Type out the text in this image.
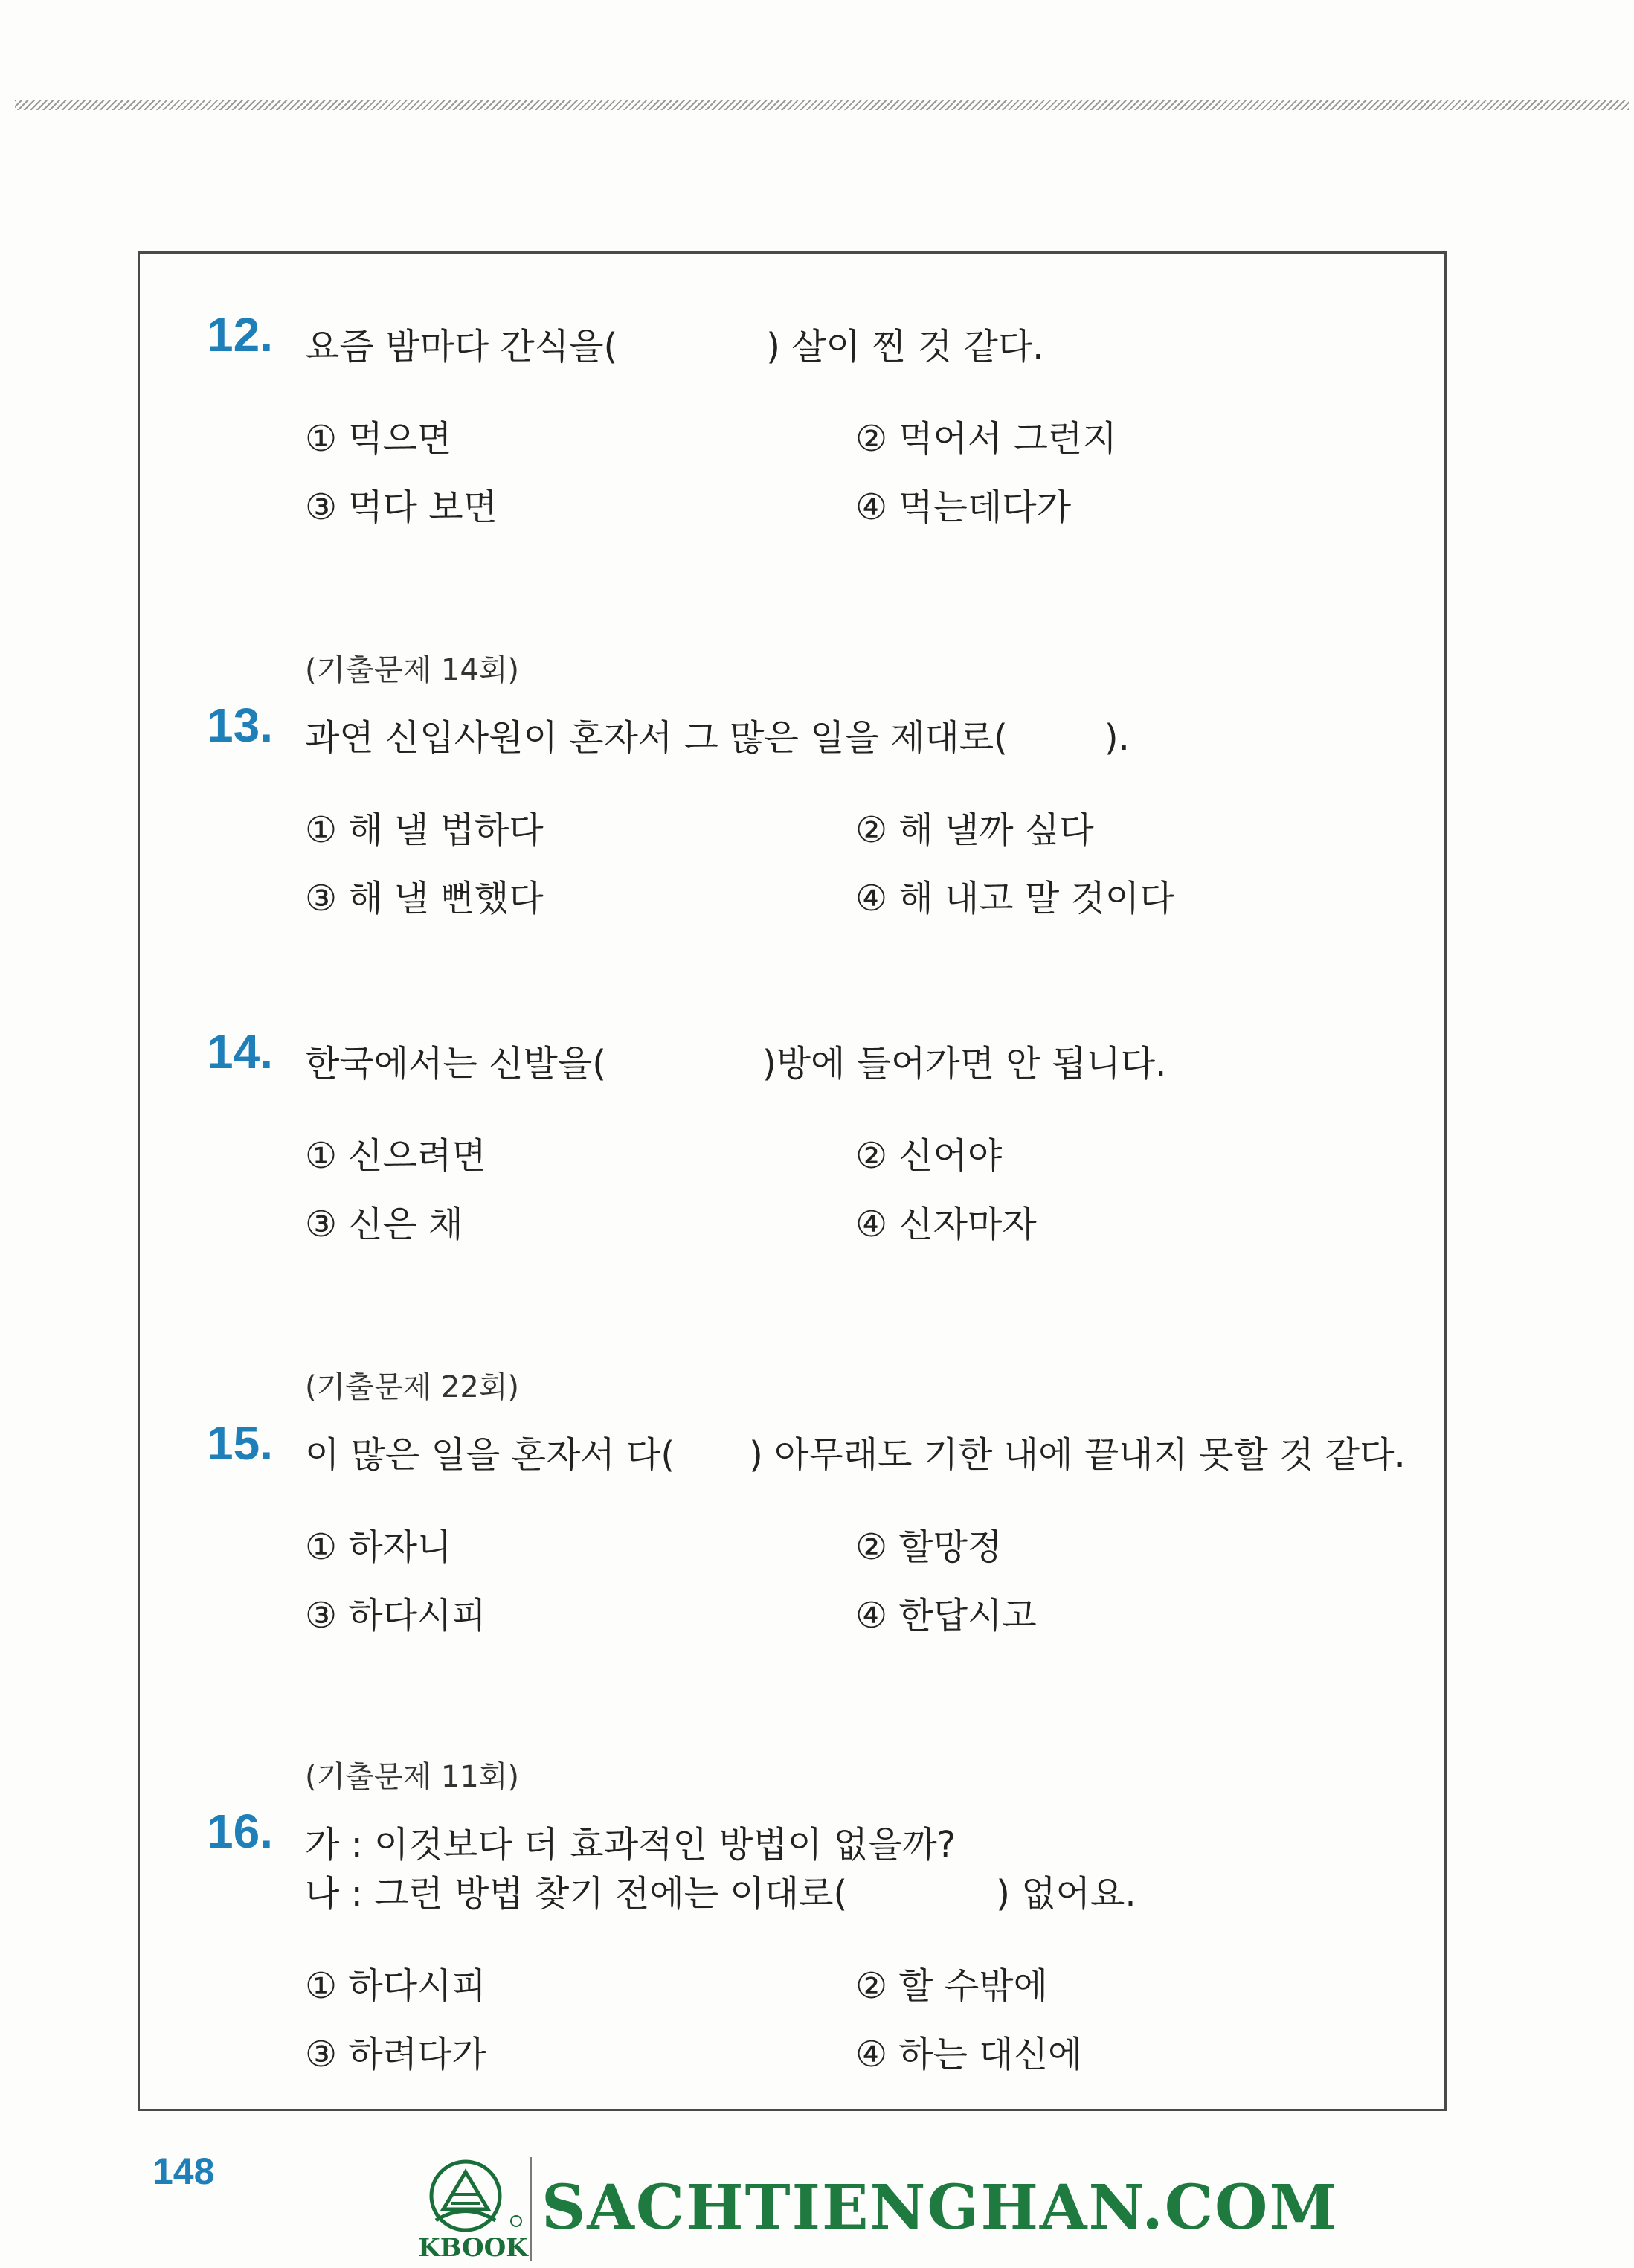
12. 요즘 밤마다 간식을(	) 살이 찐 것 같다.
① 먹으면	② 먹어서 그런지
③ 먹다 보면	④ 먹는데다가
(기출문제 14회)
13. 과연 신입사원이 혼자서 그 많은 일을 제대로(	).
① 해 낼 법하다	② 해 낼까 싶다
③ 해 낼 뻔했다	④ 해 내고 말 것이다
14. 한국에서는 신발을(	)방에 들어가면 안 됩니다.
① 신으려면	② 신어야
③ 신은 채	④ 신자마자
(기출문제 22회)
15. 이 많은 일을 혼자서 다( ) 아무래도 기한 내에 끝내지 못할 것 같다.
① 하자니	② 할망정
③ 하다시피	④ 한답시고
(기출문제 11회)
16. 가 : 이것보다 더 효과적인 방법이 없을까?
나 : 그런 방법 찾기 전에는 이대로(	) 없어요.
① 하다시피	② 할 수밖에
③ 하려다가	④ 하는 대신에
148
KBOOK
SACHTIENGHAN.COM
